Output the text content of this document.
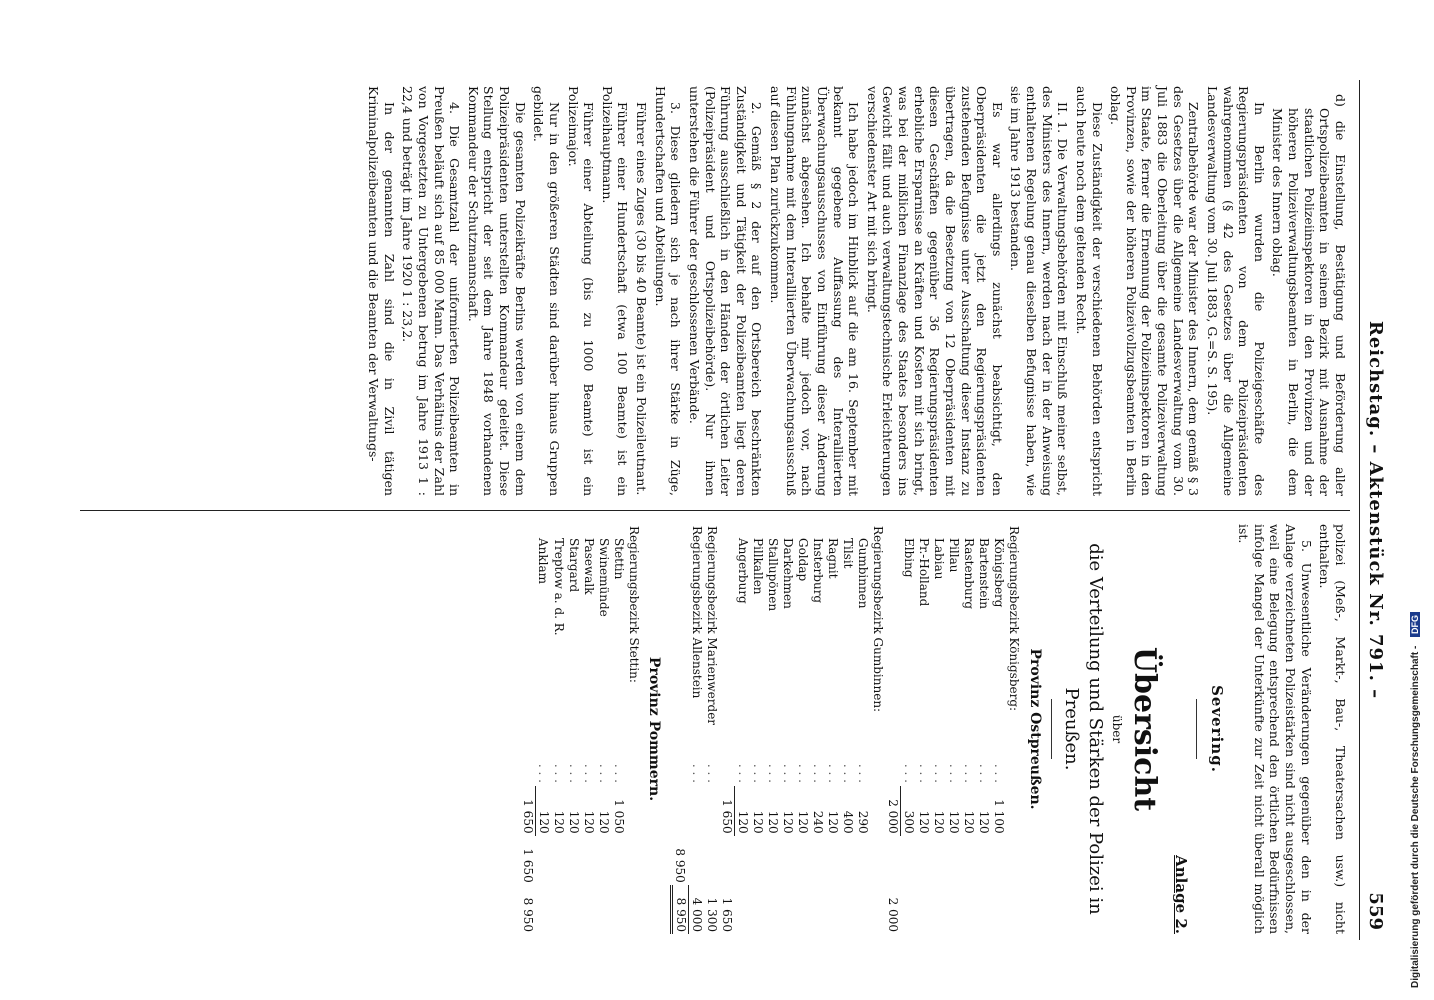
Reichstag. – Aktenstück Nr. 791. –
559

d) die Einstellung, Bestätigung und Beförderung aller Ortspolizeibeamten in seinem Bezirk mit Ausnahme der staatlichen Polizeiinspektoren in den Provinzen und der höheren Polizeiverwaltungsbeamten in Berlin, die dem Minister des Innern oblag.

In Berlin wurden die Polizeigeschäfte des Regierungspräsidenten von dem Polizeipräsidenten wahrgenommen (§ 42 des Gesetzes über die Allgemeine Landesverwaltung vom 30. Juli 1883, G.=S. S. 195).

Zentralbehörde war der Minister des Innern, dem gemäß § 3 des Gesetzes über die Allgemeine Landesverwaltung vom 30. Juli 1883 die Oberleitung über die gesamte Polizeiverwaltung im Staate, ferner die Ernennung der Polizeiinspektoren in den Provinzen, sowie der höheren Polizeivollzugsbeamten in Berlin oblag.

Diese Zuständigkeit der verschiedenen Behörden entspricht auch heute noch dem geltenden Recht.

II. 1. Die Verwaltungsbehörden mit Einschluß meiner selbst, des Ministers des Innern, werden nach der in der Anweisung enthaltenen Regelung genau dieselben Befugnisse haben, wie sie im Jahre 1913 bestanden.

Es war allerdings zunächst beabsichtigt, den Oberpräsidenten die jetzt den Regierungspräsidenten zustehenden Befugnisse unter Ausschaltung dieser Instanz zu übertragen, da die Besetzung von 12 Oberpräsidenten mit diesen Geschäften gegenüber 36 Regierungspräsidenten erhebliche Ersparnisse an Kräften und Kosten mit sich bringt, was bei der mißlichen Finanzlage des Staates besonders ins Gewicht fällt und auch verwaltungstechnische Erleichterungen verschiedenster Art mit sich bringt.

Ich habe jedoch im Hinblick auf die am 16. September mit bekannt gegebene Auffassung des Interalliierten Überwachungsausschusses von Einführung dieser Änderung zunächst abgesehen. Ich behalte mir jedoch vor, nach Fühlungnahme mit dem Interalliierten Überwachungsausschuß auf diesen Plan zurückzukommen.

2. Gemäß § 2 der auf den Ortsbereich beschränkten Zuständigkeit und Tätigkeit der Polizeibeamten liegt deren Führung ausschließlich in den Händen der örtlichen Leiter (Polizeipräsident und Ortspolizeibehörde). Nur ihnen unterstehen die Führer der geschlossenen Verbände.

3. Diese gliedern sich je nach ihrer Stärke in Züge, Hundertschaften und Abteilungen.

Führer eines Zuges (30 bis 40 Beamte) ist ein Polizeileutnant.

Führer einer Hundertschaft (etwa 100 Beamte) ist ein Polizeihauptmann.

Führer einer Abteilung (bis zu 1000 Beamte) ist ein Polizeimajor.

Nur in den größeren Städten sind darüber hinaus Gruppen gebildet.

Die gesamten Polizeikräfte Berlins werden von einem dem Polizeipräsidenten unterstellten Kommandeur geleitet. Diese Stellung entspricht der seit dem Jahre 1848 vorhandenen Kommandeur der Schutzmannschaft.

4. Die Gesamtzahl der uniformierten Polizeibeamten in Preußen beläuft sich auf 85 000 Mann. Das Verhältnis der Zahl von Vorgesetzten zu Untergebenen betrug im Jahre 1913 1 : 22,4 und beträgt im Jahre 1920 1 : 23,2.

In der genannten Zahl sind die in Zivil tätigen Kriminalpolizeibeamten und die Beamten der Verwaltungs-

polizei (Meß-, Markt-, Bau-, Theatersachen usw.) nicht enthalten.

5. Unwesentliche Veränderungen gegenüber den in der Anlage verzeichneten Polizeistärken sind nicht ausgeschlossen, weil eine Belegung entsprechend den örtlichen Bedürfnissen infolge Mangel der Unterkünfte zur Zeit nicht überall möglich ist.

Severing.
Anlage 2.
Übersicht
über
die Verteilung und Stärken der Polizei in Preußen.
Provinz Ostpreußen.
Regierungsbezirk Königsberg:				
Königsberg	. . .	1 100		
Bartenstein	. . .	120		
Rastenburg	. . .	120		
Pillau	. . .	120		
Labiau	. . .	120		
Pr.-Holland	. . .	120		
Elbing	. . .	300		
		2 000		2 000
Regierungsbezirk Gumbinnen:				
Gumbinnen	. . .	290		
Tilsit	. . .	400		
Ragnit	. . .	120		
Insterburg	. . .	240		
Goldap	. . .	120		
Darkehmen	. . .	120		
Stallupönen	. . .	120		
Pillkallen	. . .	120		
Angerburg	. . .	120		
		1 650		1 650
Regierungsbezirk Marienwerder	. . .			1 300
Regierungsbezirk Allenstein	. . .			4 000
			8 950	8 950
Provinz Pommern.
Regierungsbezirk Stettin:				
Stettin	. . .	1 050		
Swinemünde	. . .	120		
Pasewalk	. . .	120		
Stargard	. . .	120		
Treptow a. d. R.	. . .	120		
Anklam	. . .	120		
		1 650	1 650	8 950	Digitalisierung gefördert durch die Deutsche Forschungsgemeinschaft - DFG
